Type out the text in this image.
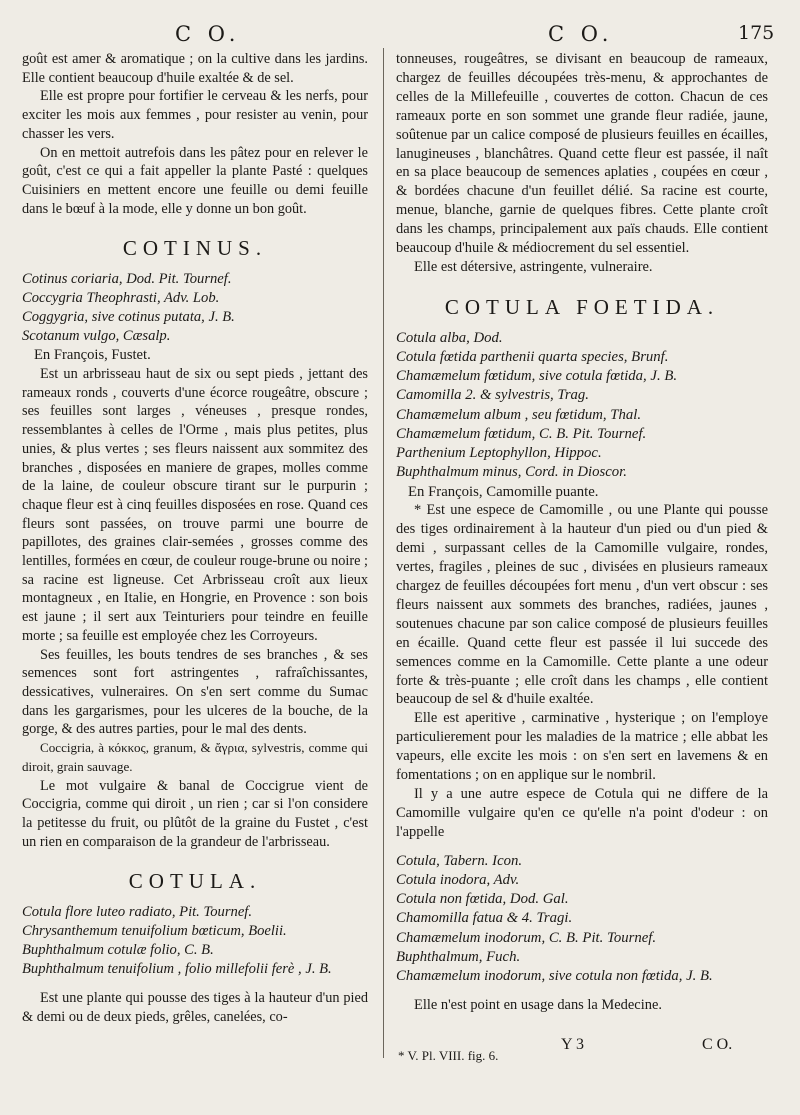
C O.	C O.	175

goût est amer & aromatique ; on la cultive dans les jardins. Elle contient beaucoup d'huile exaltée & de sel.

Elle est propre pour fortifier le cerveau & les nerfs, pour exciter les mois aux femmes , pour resister au venin, pour chasser les vers.

On en mettoit autrefois dans les pâtez pour en relever le goût, c'est ce qui a fait appeller la plante Pasté : quelques Cuisiniers en mettent encore une feuille ou demi feuille dans le bœuf à la mode, elle y donne un bon goût.

COTINUS.

Cotinus coriaria, Dod. Pit. Tournef.

Coccygria Theophrasti, Adv. Lob.

Coggygria, sive cotinus putata, J. B.

Scotanum vulgo, Cæsalp.

En François, Fustet.

Est un arbrisseau haut de six ou sept pieds , jettant des rameaux ronds , couverts d'une écorce rougeâtre, obscure ; ses feuilles sont larges , véneuses , presque rondes, ressemblantes à celles de l'Orme , mais plus petites, plus unies, & plus vertes ; ses fleurs naissent aux sommitez des branches , disposées en maniere de grapes, molles comme de la laine, de couleur obscure tirant sur le purpurin ; chaque fleur est à cinq feuilles disposées en rose. Quand ces fleurs sont passées, on trouve parmi une bourre de papillotes, des graines clair-semées , grosses comme des lentilles, formées en cœur, de couleur rouge-brune ou noire ; sa racine est ligneuse. Cet Arbrisseau croît aux lieux montagneux , en Italie, en Hongrie, en Provence : son bois est jaune ; il sert aux Teinturiers pour teindre en feuille morte ; sa feuille est employée chez les Corroyeurs.

Ses feuilles, les bouts tendres de ses branches , & ses semences sont fort astringentes , rafraîchissantes, dessicatives, vulneraires. On s'en sert comme du Sumac dans les gargarismes, pour les ulceres de la bouche, de la gorge, & des autres parties, pour le mal des dents.

Coccigria, à κόκκος, granum, & ἄγρια, sylvestris, comme qui diroit, grain sauvage.

Le mot vulgaire & banal de Coccigrue vient de Coccigria, comme qui diroit , un rien ; car si l'on considere la petitesse du fruit, ou plûtôt de la graine du Fustet , c'est un rien en comparaison de la grandeur de l'arbrisseau.

COTULA.

Cotula flore luteo radiato, Pit. Tournef.

Chrysanthemum tenuifolium bœticum, Boelii.

Buphthalmum cotulæ folio, C. B.

Buphthalmum tenuifolium , folio millefolii ferè , J. B.

Est une plante qui pousse des tiges à la hauteur d'un pied & demi ou de deux pieds, grêles, canelées, co-

tonneuses, rougeâtres, se divisant en beaucoup de rameaux, chargez de feuilles découpées très-menu, & approchantes de celles de la Millefeuille , couvertes de cotton. Chacun de ces rameaux porte en son sommet une grande fleur radiée, jaune, soûtenue par un calice composé de plusieurs feuilles en écailles, lanugineuses , blanchâtres. Quand cette fleur est passée, il naît en sa place beaucoup de semences aplaties , coupées en cœur , & bordées chacune d'un feuillet délié. Sa racine est courte, menue, blanche, garnie de quelques fibres. Cette plante croît dans les champs, principalement aux païs chauds. Elle contient beaucoup d'huile & médiocrement du sel essentiel.

Elle est détersive, astringente, vulneraire.

COTULA FOETIDA.

Cotula alba, Dod.

Cotula fœtida parthenii quarta species, Brunf.

Chamæmelum fœtidum, sive cotula fœtida, J. B.

Camomilla 2. & sylvestris, Trag.

Chamæmelum album , seu fœtidum, Thal.

Chamæmelum fœtidum, C. B. Pit. Tournef.

Parthenium Leptophyllon, Hippoc.

Buphthalmum minus, Cord. in Dioscor.

En François, Camomille puante.

* Est une espece de Camomille , ou une Plante qui pousse des tiges ordinairement à la hauteur d'un pied ou d'un pied & demi , surpassant celles de la Camomille vulgaire, rondes, vertes, fragiles , pleines de suc , divisées en plusieurs rameaux chargez de feuilles découpées fort menu , d'un vert obscur : ses fleurs naissent aux sommets des branches, radiées, jaunes , soutenues chacune par son calice composé de plusieurs feuilles en écaille. Quand cette fleur est passée il lui succede des semences comme en la Camomille. Cette plante a une odeur forte & très-puante ; elle croît dans les champs , elle contient beaucoup de sel & d'huile exaltée.

Elle est aperitive , carminative , hysterique ; on l'employe particulierement pour les maladies de la matrice ; elle abbat les vapeurs, elle excite les mois : on s'en sert en lavemens & en fomentations ; on en applique sur le nombril.

Il y a une autre espece de Cotula qui ne differe de la Camomille vulgaire qu'en ce qu'elle n'a point d'odeur : on l'appelle

Cotula, Tabern. Icon.

Cotula inodora, Adv.

Cotula non fœtida, Dod. Gal.

Chamomilla fatua & 4. Tragi.

Chamæmelum inodorum, C. B. Pit. Tournef.

Buphthalmum, Fuch.

Chamæmelum inodorum, sive cotula non fœtida, J. B.

Elle n'est point en usage dans la Medecine.

* V. Pl. VIII. fig. 6.
Y 3	C O.
